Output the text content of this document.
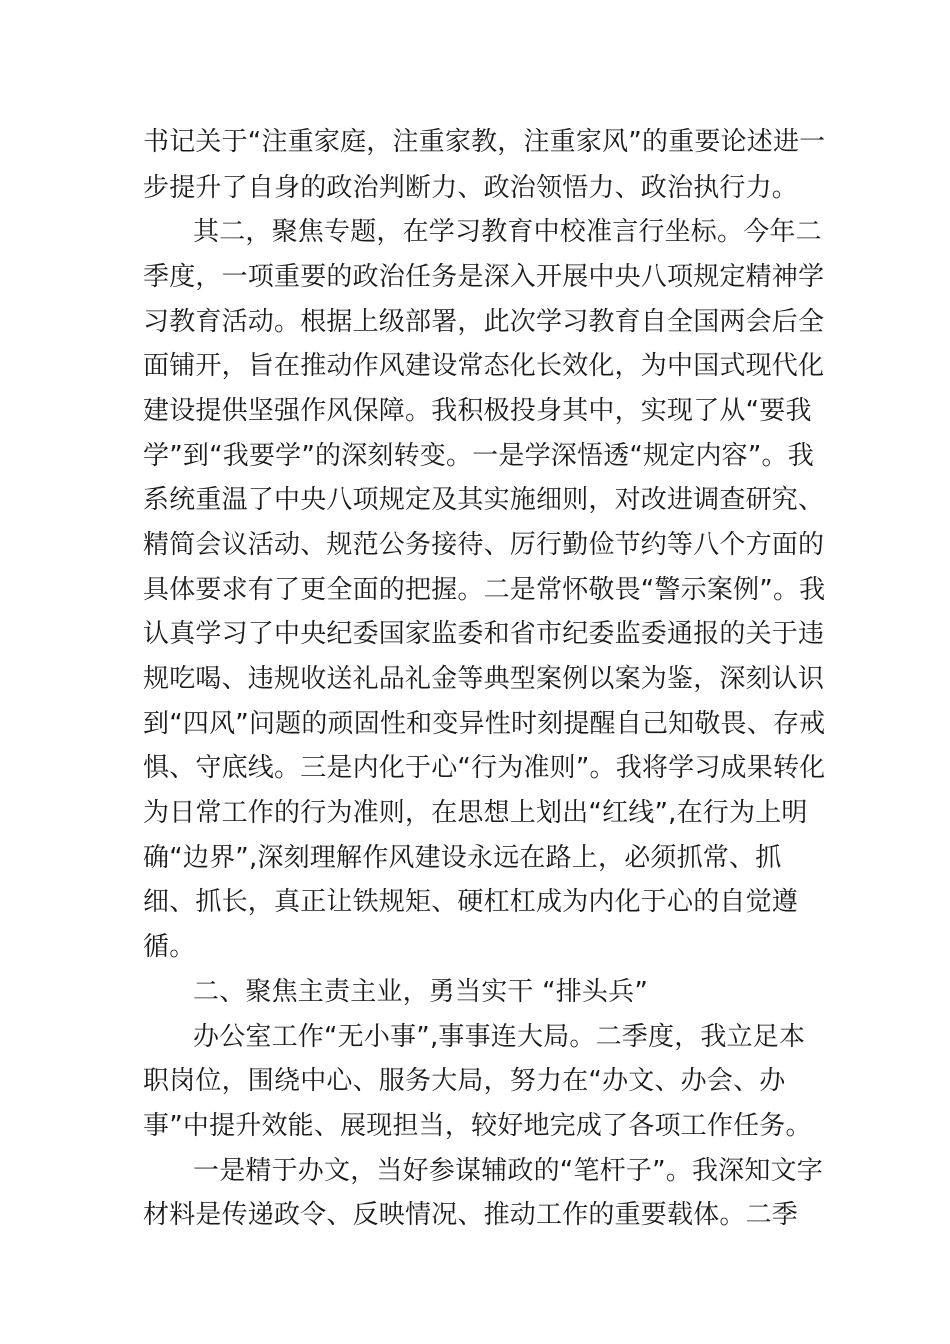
书记关于“注重家庭，注重家教，注重家风”的重要论述进一
步提升了自身的政治判断力、政治领悟力、政治执行力。
其二，聚焦专题，在学习教育中校准言行坐标。今年二
季度，一项重要的政治任务是深入开展中央八项规定精神学
习教育活动。根据上级部署，此次学习教育自全国两会后全
面铺开，旨在推动作风建设常态化长效化，为中国式现代化
建设提供坚强作风保障。我积极投身其中，实现了从“要我
学”到“我要学”的深刻转变。一是学深悟透“规定内容”。我
系统重温了中央八项规定及其实施细则，对改进调查研究、
精简会议活动、规范公务接待、厉行勤俭节约等八个方面的
具体要求有了更全面的把握。二是常怀敬畏“警示案例”。我
认真学习了中央纪委国家监委和省市纪委监委通报的关于违
规吃喝、违规收送礼品礼金等典型案例以案为鉴，深刻认识
到“四风”问题的顽固性和变异性时刻提醒自己知敬畏、存戒
惧、守底线。三是内化于心“行为准则”。我将学习成果转化
为日常工作的行为准则，在思想上划出“红线”,在行为上明
确“边界”,深刻理解作风建设永远在路上，必须抓常、抓
细、抓长，真正让铁规矩、硬杠杠成为内化于心的自觉遵
循。
二、聚焦主责主业，勇当实干 “排头兵”
办公室工作“无小事”,事事连大局。二季度，我立足本
职岗位，围绕中心、服务大局，努力在“办文、办会、办
事”中提升效能、展现担当，较好地完成了各项工作任务。
一是精于办文，当好参谋辅政的“笔杆子”。我深知文字
材料是传递政令、反映情况、推动工作的重要载体。二季
